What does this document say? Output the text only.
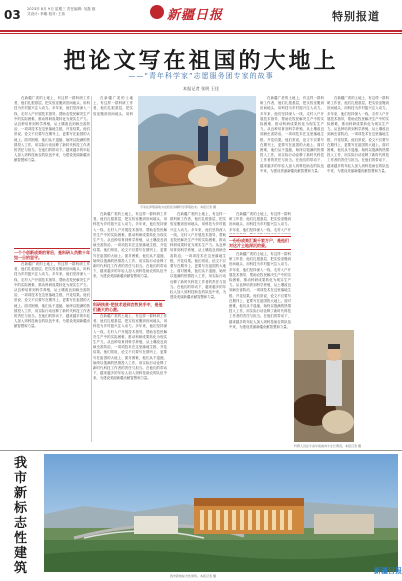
03 2023年 8月 9日 星期三 责任编辑: 吴磊 版式设计: 李娜 校对: 王伟	新疆日报	特别报道
把论文写在祖国的大地上
——“青年科学家”志愿服务团专家的故事
本报记者 张明 王佳

在新疆广袤的土地上，有这样一群科研工作者，他们扎根基层，把实验室搬到田间地头，用科技为乡村振兴注入动力。多年来，他们坚持深入一线，走村入户开展技术指导，帮助农牧民解决生产中的实际困难，推动科研成果转化为现实生产力。从良种培育到科学养殖，从土壤改良到病虫害防治，一项项技术在这里落地生根、开花结果。他们常说，论文不仅要写在期刊上，更要写在祖国的大地上。面对困难，他们从不退缩，始终以饱满的热情投入工作，用实际行动诠释了新时代科技工作者的责任与担当。在他们的带动下，越来越多的年轻人加入到科技助农的队伍中来，为建设美丽新疆贡献智慧和力量。

一个个创新成果的背后，是科研人员数十年如一日的坚守。

在新疆广袤的土地上，有这样一群科研工作者，他们扎根基层，把实验室搬到田间地头，用科技为乡村振兴注入动力。多年来，他们坚持深入一线，走村入户开展技术指导，帮助农牧民解决生产中的实际困难，推动科研成果转化为现实生产力。从良种培育到科学养殖，从土壤改良到病虫害防治，一项项技术在这里落地生根、开花结果。他们常说，论文不仅要写在期刊上，更要写在祖国的大地上。面对困难，他们从不退缩，始终以饱满的热情投入工作，用实际行动诠释了新时代科技工作者的责任与担当。在他们的带动下，越来越多的年轻人加入到科技助农的队伍中来，为建设美丽新疆贡献智慧和力量。

在新疆广袤的土地上，有这样一群科研工作者，他们扎根基层，把实验室搬到田间地头，用科

科研扶贫·把技术送到农牧民手中，是他们最大的心愿。

在新疆广袤的土地上，有这样一群科研工作者，他们扎根基层，把实验室搬到田间地头，用科技为乡村振兴注入动力。多年来，他们坚持深入一线，走村入户开展技术指导，帮助农牧民解决生产中的实际困难，推动科研成果转化为现实生产力。从良种培育到科学养殖，从土壤改良到病虫害防治，一项项技术在这里落地生根、开花结果。他们常说，论文不仅要写在期刊上，更要写在祖国的大地上。面对困难，他们从不退缩，始终以饱满的热情投入工作，用实际行动诠释了新时代科技工作者的责任与担当。在他们的带动下，越来越多的年轻人加入到科技助农的队伍中来，为建设美丽新疆贡献智慧和力量。

在新疆广袤的土地上，有这样一群科研工作者，他们扎根基层，把实验室搬到田间地头，用科技为乡村振兴注入动力。多年来，他们坚持深入一线，走村入户开展技术指导，帮助农牧民解决生产中的实际困难，推动科研成果转化为现实生产力。从良种培育到科学养殖，从土壤改良到病虫害防治，一项项技术在这里落地生根、开花结果。他们常说，论文不仅要写在期刊上，更要写在祖国的大地上。面对困难，他们从不退缩，始终以饱满的热情投入工作，用实际行动诠释了新时代科技工作者的责任与担当。在他们的带动下，越来越多的年轻人加入到科技助农的队伍中来，为建设美丽新疆贡献智慧和力量。

专家在养殖基地为农牧民讲解科学养殖技术。本报记者 摄

在新疆广袤的土地上，有这样一群科研工作者，他们扎根基层，把实验室搬到田间地头，用科技为乡村振兴注入动力。多年来，他们坚持深入一线，走村入户开展技术指导，帮助农牧民解决生产中的实际困难，推动科研成果转化为现实生产力。从良种培育到科学养殖，从土壤改良到病虫害防治，一项项技术在这里落地生根、开花结果。他们常说，论文不仅要写在期刊上，更要写在祖国的大地上。面对困难，他们从不退缩，始终以饱满的热情投入工作，用实际行动诠释了新时代科技工作者的责任与担当。在他们的带动下，越来越多的年轻人加入到科技助农的队伍中来，为建设美丽新疆贡献智慧和力量。

一份份成果汇聚千家万户，是他们对这片土地深沉的爱。

在新疆广袤的土地上，有这样一群科研工作者，他们扎根基层，把实验室搬到田间地头，用科技为乡村振兴注入动力。多年来，他们坚持深入一线，走村入户开

在新疆广袤的土地上，有这样一群科研工作者，他们扎根基层，把实验室搬到田间地头，用科技为乡村振兴注入动力。多年来，他们坚持深入一线，走村入户开展技术指导，帮助农牧民解决生产中的实际困难，推动科研成果转化为现实生产力。从良种培育到科学养殖，从土壤改良到病虫害防治，一项项技术在这里落地生根、开花结果。他们常说，论文不仅要写在期刊上，更要写在祖国的大地上。面对困难，他们从不退缩，始终以饱满的热情投入工作，用实际行动诠释了新时代科技工作者的责任与担当。在他们的带动下，越来越多的年轻人加入到科技助农的队伍中来，为建设美丽新疆贡献智慧和力量。

在新疆广袤的土地上，有这样一群科研工作者，他们扎根基层，把实验室搬到田间地头，用科技为乡村振兴注入动力。多年来，他们坚持深入一线，走村入户开展技术指导，帮助农牧民解决生产中的实际困难，推动科研成果转化为现实生产力。从良种培育到科学养殖，从土壤改良到病虫害防治，一项项技术在这里落地生根、开花结果。他们常说，论文不仅要写在期刊上，更要写在祖国的大地上。面对困难，他们从不退缩，始终以饱满的热情投入工作，用实际行动诠释了新时代科技工作者的责任与担当。在他们的带动下，越来越多的年轻人加入到科技助农的队伍中来，为建设美丽新疆贡献智慧和力量。

在新疆广袤的土地上，有这样一群科研工作者，他们扎根基层，把实验室搬到田间地头，用科技为乡村振兴注入动力。多年来，他们坚持深入一线，走村入户开展技术指导，帮助农牧民解决生产中的实际困难，推动科研成果转化为现实生产力。从良种培育到科学养殖，从土壤改良到病虫害防治，一项项技术在这里落地生根、开花结果。他们常说，论文不仅要写在期刊上，更要写在祖国的大地上。面对困难，他们从不退缩，始终以饱满的热情投入工作，用实际行动诠释了新时代科技工作者的责任与担当。在他们的带动下，越来越多的年轻人加入到科技助农的队伍中来，为建设美丽新疆贡献智慧和力量。

科研人员在牛舍中查看肉牛生长情况。本报记者 摄
我市新标志性建筑	我市新地标志性建筑。本报记者 摄
新疆日报
